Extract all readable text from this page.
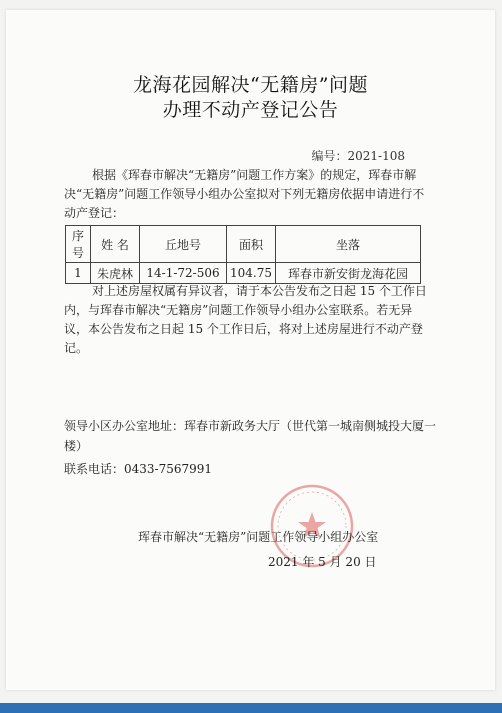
龙海花园解决“无籍房”问题
办理不动产登记公告
编号：2021-108
根据《珲春市解决“无籍房”问题工作方案》的规定，珲春市解决“无籍房”问题工作领导小组办公室拟对下列无籍房依据申请进行不动产登记：
序号	姓 名	丘地号	面积	坐落
1	朱虎林	14-1-72-506	104.75	珲春市新安街龙海花园
对上述房屋权属有异议者，请于本公告发布之日起 15 个工作日内，与珲春市解决“无籍房”问题工作领导小组办公室联系。若无异议，本公告发布之日起 15 个工作日后，将对上述房屋进行不动产登记。
领导小区办公室地址：珲春市新政务大厅（世代第一城南侧城投大厦一楼）
联系电话：0433-7567991
珲春市解决“无籍房”问题工作领导小组办公室
2021 年 5 月 20 日
